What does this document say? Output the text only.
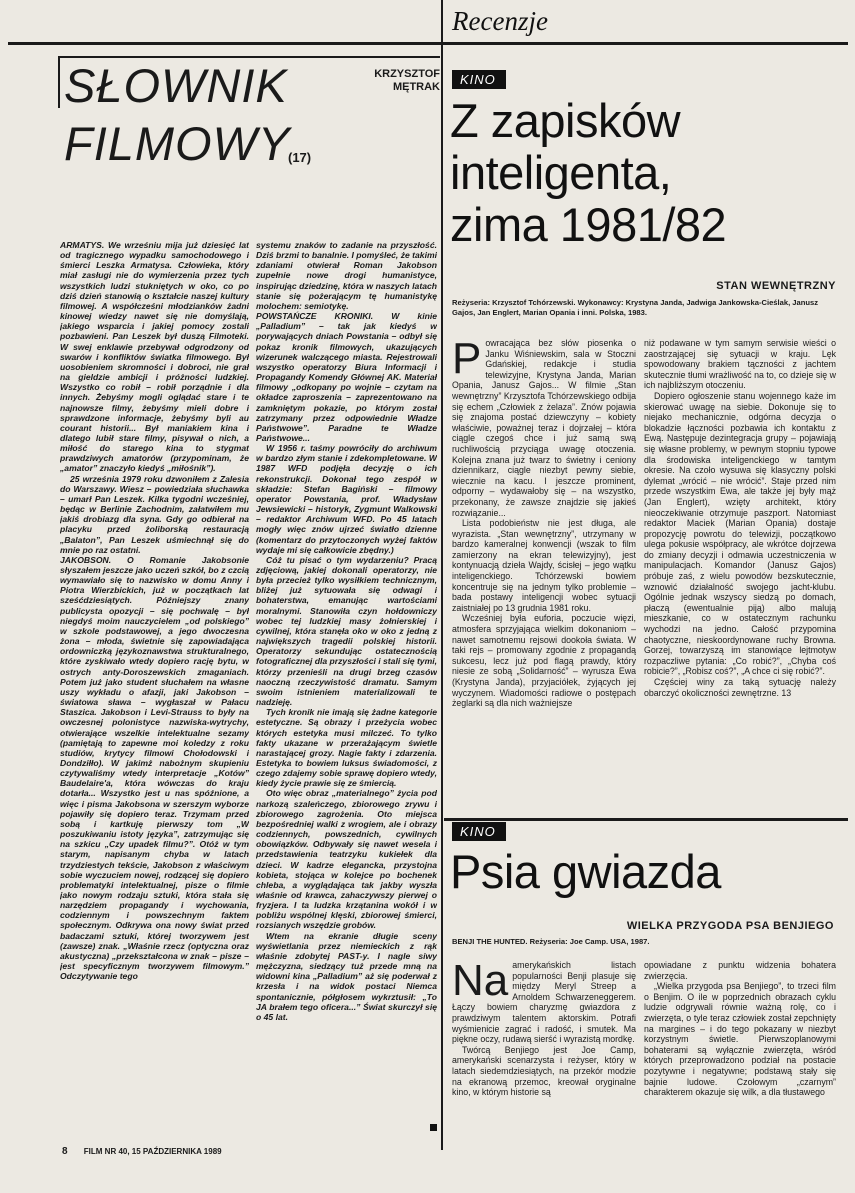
Recenzje
SŁOWNIK
FILMOWY
(17)
KRZYSZTOF
MĘTRAK

ARMATYS. We wrześniu mija już dziesięć lat od tragicznego wypadku samochodowego i śmierci Leszka Armatysa. Człowieka, który miał zasługi nie do wymierzenia przez tych wszystkich ludzi stukniętych w oko, co po dziś dzień stanowią o kształcie naszej kultury filmowej. A współcześni młodzianków żadni kinowej wiedzy nawet się nie domyślają, jakiego wsparcia i jakiej pomocy zostali pozbawieni. Pan Leszek był duszą Filmoteki. W swej enklawie przebywał odgrodzony od swarów i konfliktów światka filmowego. Był uosobieniem skromności i dobroci, nie grał na gieldzie ambicji i próżności ludzkiej. Wszystko co robił – robił porządnie i dla innych. Żebyśmy mogli oglądać stare i te najnowsze filmy, żebyśmy mieli dobre i sprawdzone informacje, żebyśmy byli au courant historii... Był maniakiem kina i dlatego lubił stare filmy, pisywał o nich, a miłość do starego kina to stygmat prawdziwych amatorów (przypominam, że „amator” znaczyło kiedyś „miłośnik”).

25 września 1979 roku dzwoniłem z Zalesia do Warszawy. Wiesz – powiedziała słuchawka – umarł Pan Leszek. Kilka tygodni wcześniej, będąc w Berlinie Zachodnim, załatwiłem mu jakiś drobiazg dla syna. Gdy go odbierał na placyku przed żoliborską restauracją „Balaton”, Pan Leszek uśmiechnął się do mnie po raz ostatni.

JAKOBSON. O Romanie Jakobsonie słyszałem jeszcze jako uczeń szkół, bo z czcią wymawiało się to nazwisko w domu Anny i Piotra Wierzbickich, już w początkach lat sześćdziesiątych. Późniejszy znany publicysta opozycji – się pochwalę – był niegdyś moim nauczycielem „od polskiego” w szkole podstawowej, a jego dwoczesna żona – młoda, świetnie się zapowiadająca ordowniczką językoznawstwa strukturalnego, które zyskiwało wtedy dopiero rację bytu, w ostrych anty-Doroszewskich zmaganiach. Potem już jako student słuchałem na własne uszy wykładu o afazji, jaki Jakobson – światowa sława – wygłaszał w Pałacu Staszica. Jakobson i Levi-Strauss to były na owczesnej polonistyce nazwiska-wytrychy, otwierające wszelkie intelektualne sezamy (pamiętają to zapewne moi koledzy z roku studiów, krytycy filmowi Chołodowski i Dondziłło). W jakimż nabożnym skupieniu czytywaliśmy wtedy interpretacje „Kotów” Baudelaire'a, która wówczas do kraju dotarła... Wszystko jest u nas spóźnione, a więc i pisma Jakobsona w szerszym wyborze pojawiły się dopiero teraz. Trzymam przed sobą i kartkuję pierwszy tom „W poszukiwaniu istoty języka”, zatrzymując się na szkicu „Czy upadek filmu?”. Otóż w tym starym, napisanym chyba w latach trzydziestych tekście, Jakobson z właściwym sobie wyczuciem nowej, rodzącej się dopiero problematyki intelektualnej, pisze o filmie jako nowym rodzaju sztuki, która stała się narzędziem propagandy i wychowania, codziennym i powszechnym faktem społecznym. Odkrywa ona nowy świat przed badaczami sztuki, której tworzywem jest (zawsze) znak. „Właśnie rzecz (optyczna oraz akustyczna) „przekształcona w znak – pisze – jest specyficznym tworzywem filmowym.” Odczytywanie tego

systemu znaków to zadanie na przyszłość. Dziś brzmi to banalnie. I pomyśleć, że takimi zdaniami otwierał Roman Jakobson zupełnie nowe drogi humanistyce, inspirując dziedzinę, która w naszych latach stanie się pożerającym tę humanistykę molochem: semiotykę.

POWSTAŃCZE KRONIKI. W kinie „Palladium” – tak jak kiedyś w porywających dniach Powstania – odbył się pokaz kronik filmowych, ukazujących wizerunek walczącego miasta. Rejestrowali wszystko operatorzy Biura Informacji i Propagandy Komendy Głównej AK. Materiał filmowy „odkopany po wojnie – czytam na okładce zaproszenia – zaprezentowano na zamkniętym pokazie, po którym został zatrzymany przez odpowiednie Władze Państwowe”. Paradne te Władze Państwowe...

W 1956 r. taśmy powróciły do archiwum w bardzo złym stanie i zdekompletowane. W 1987 WFD podjęła decyzję o ich rekonstrukcji. Dokonał tego zespół w składzie: Stefan Bagiński – filmowy operator Powstania, prof. Władysław Jewsiewicki – historyk, Zygmunt Walkowski – redaktor Archiwum WFD. Po 45 latach mogły więc znów ujrzeć światło dzienne (komentarz do przytoczonych wyżej faktów wydaje mi się całkowicie zbędny.)

Cóż tu pisać o tym wydarzeniu? Pracą zdjęciową, jakiej dokonali operatorzy, nie była przecież tylko wysiłkiem technicznym, bliżej już sytuowała się odwagi i bohaterstwa, emanując wartościami moralnymi. Stanowiła czyn hołdowniczy wobec tej ludzkiej masy żołnierskiej i cywilnej, która stanęła oko w oko z jedną z największych tragedii polskiej historii. Operatorzy sekundując ostatecznością fotograficznej dla przyszłości i stali się tymi, którzy przenieśli na drugi brzeg czasów naoczną rzeczywistość dramatu. Samym swoim istnieniem materializowali te nadzieję.

Tych kronik nie imają się żadne kategorie estetyczne. Są obrazy i przeżycia wobec których estetyka musi milczeć. To tylko fakty ukazane w przerażającym świetle narastającej grozy. Nagie fakty i zdarzenia. Estetyka to bowiem luksus świadomości, z czego zdajemy sobie sprawę dopiero wtedy, kiedy życie prawie się ze śmiercią.

Oto więc obraz „materialnego” życia pod narkozą szaleńczego, zbiorowego zrywu i zbiorowego zagrożenia. Oto miejsca bezpośredniej walki z wrogiem, ale i obrazy codziennych, powszednich, cywilnych obowiązków. Odbywały się nawet wesela i przedstawienia teatrzyku kukiełek dla dzieci. W kadrze elegancka, przystojna kobieta, stojąca w kolejce po bochenek chleba, a wyglądająca tak jakby wyszła właśnie od krawca, zahaczywszy pierwej o fryzjera. I ta ludzka krzątanina wokół i w pobliżu wspólnej klęski, zbiorowej śmierci, rozsianych wszędzie grobów.

Wtem na ekranie długie sceny wyświetlania przez niemieckich z rąk właśnie zdobytej PAST-y. I nagle siwy mężczyzna, siedzący tuż przede mną na widowni kina „Palladium” aż się poderwał z krzesła i na widok postaci Niemca spontanicznie, półgłosem wykrztusił: „To JA brałem tego oficera...” Świat skurczył się o 45 lat.

KINO
Z zapisków
inteligenta,
zima 1981/82
STAN WEWNĘTRZNY
Reżyseria: Krzysztof Tchórzewski. Wykonawcy: Krystyna Janda, Jadwiga Jankowska-Cieślak, Janusz Gajos, Jan Englert, Marian Opania i inni. Polska, 1983.
P owracająca bez słów piosenka o Janku Wiśniewskim, sala w Stoczni Gdańskiej, redakcje i studia telewizyjne, Krystyna Janda, Marian Opania, Janusz Gajos... W filmie „Stan wewnętrzny” Krzysztofa Tchórzewskiego odbija się echem „Człowiek z żelaza”. Znów pojawia się znajoma postać dziewczyny – kobiety właściwie, poważnej teraz i dojrzałej – która ciągle czegoś chce i już samą swą ruchliwością przyciąga uwagę otoczenia. Kolejna znana już twarz to świetny i ceniony dziennikarz, ciągle niezbyt pewny siebie, wiecznie na kacu. I jeszcze prominent, odporny – wydawałoby się – na wszystko, przekonany, że zawsze znajdzie się jakieś rozwiązanie...

Lista podobieństw nie jest długa, ale wyrazista. „Stan wewnętrzny”, utrzymany w bardzo kameralnej konwencji (wszak to film zamierzony na ekran telewizyjny), jest kontynuacją dzieła Wajdy, ścisłej – jego wątku inteligenckiego. Tchórzewski bowiem koncentruje się na jednym tylko problemie – bada postawy inteligencji wobec sytuacji zaistniałej po 13 grudnia 1981 roku.

Wcześniej była euforia, poczucie więzi, atmosfera sprzyjająca wielkim dokonaniom – nawet samotnemu rejsowi dookoła świata. W taki rejs – promowany zgodnie z propagandą sukcesu, lecz już pod flagą prawdy, który niesie ze sobą „Solidarność” – wyrusza Ewa (Krystyna Janda), przyjaciółek, żyjących jej wyczynem. Wiadomości radiowe o postępach żeglarki są dla nich ważniejsze

niż podawane w tym samym serwisie wieści o zaostrzającej się sytuacji w kraju. Lęk spowodowany brakiem tączności z jachtem skutecznie tłumi wrażliwość na to, co dzieje się w ich najbliższym otoczeniu.

Dopiero ogłoszenie stanu wojennego każe im skierować uwagę na siebie. Dokonuje się to niejako mechanicznie, odgórna decyzja o blokadzie łączności pozbawia ich kontaktu z Ewą. Następuje dezintegracja grupy – pojawiają się własne problemy, w pewnym stopniu typowe dla środowiska inteligenckiego w tamtym okresie. Na czoło wysuwa się klasyczny polski dylemat „wrócić – nie wrócić”. Staje przed nim przede wszystkim Ewa, ale także jej były mąż (Jan Englert), wzięty architekt, który nieoczekiwanie otrzymuje paszport. Natomiast redaktor Maciek (Marian Opania) dostaje propozycję powrotu do telewizji, początkowo ulega pokusie współpracy, ale wkrótce dojrzewa do zmiany decyzji i odmawia uczestniczenia w manipulacjach. Komandor (Janusz Gajos) próbuje zaś, z wielu powodów bezskutecznie, wznowić działalność swojego jacht-klubu. Ogólnie jednak wszyscy siedzą po domach, płaczą (ewentualnie piją) albo malują mieszkanie, co w ostatecznym rachunku wychodzi na jedno. Całość przypomina chaotyczne, nieskoordynowane ruchy Browna. Gorzej, towarzyszą im stanowiące lejtmotyw rozpaczliwe pytania: „Co robić?”, „Chyba coś robicie?”, „Robisz coś?”, „A chce ci się robić?”.

Częściej winy za taką sytuację należy obarczyć okoliczności zewnętrzne. 13

KINO
Psia gwiazda
WIELKA PRZYGODA PSA BENJIEGO
BENJI THE HUNTED. Reżyseria: Joe Camp. USA, 1987.
Na amerykańskich listach popularności Benji plasuje się między Meryl Streep a Arnoldem Schwarzeneggerem. Łączy bowiem charyzmę gwiazdora z prawdziwym talentem aktorskim. Potrafi wyśmienicie zagrać i radość, i smutek. Ma piękne oczy, rudawą sierść i wyrazistą mordkę.

Twórcą Benjiego jest Joe Camp, amerykański scenarzysta i reżyser, który w latach siedemdziesiątych, na przekór modzie na ekranową przemoc, kreował oryginalne kino, w którym historie są

opowiadane z punktu widzenia bohatera zwierzęcia.

„Wielka przygoda psa Benjiego”, to trzeci film o Benjim. O ile w poprzednich obrazach cyklu ludzie odgrywali równie ważną rolę, co i zwierzęta, o tyle teraz człowiek został zepchnięty na margines – i do tego pokazany w niezbyt korzystnym świetle. Pierwszoplanowymi bohaterami są wyłącznie zwierzęta, wśród których przeprowadzono podział na postacie pozytywne i negatywne; podstawą stały się bajnie ludowe. Czołowym „czarnym” charakterem okazuje się wilk, a dla tłustawego

8 FILM NR 40, 15 PAŹDZIERNIKA 1989
